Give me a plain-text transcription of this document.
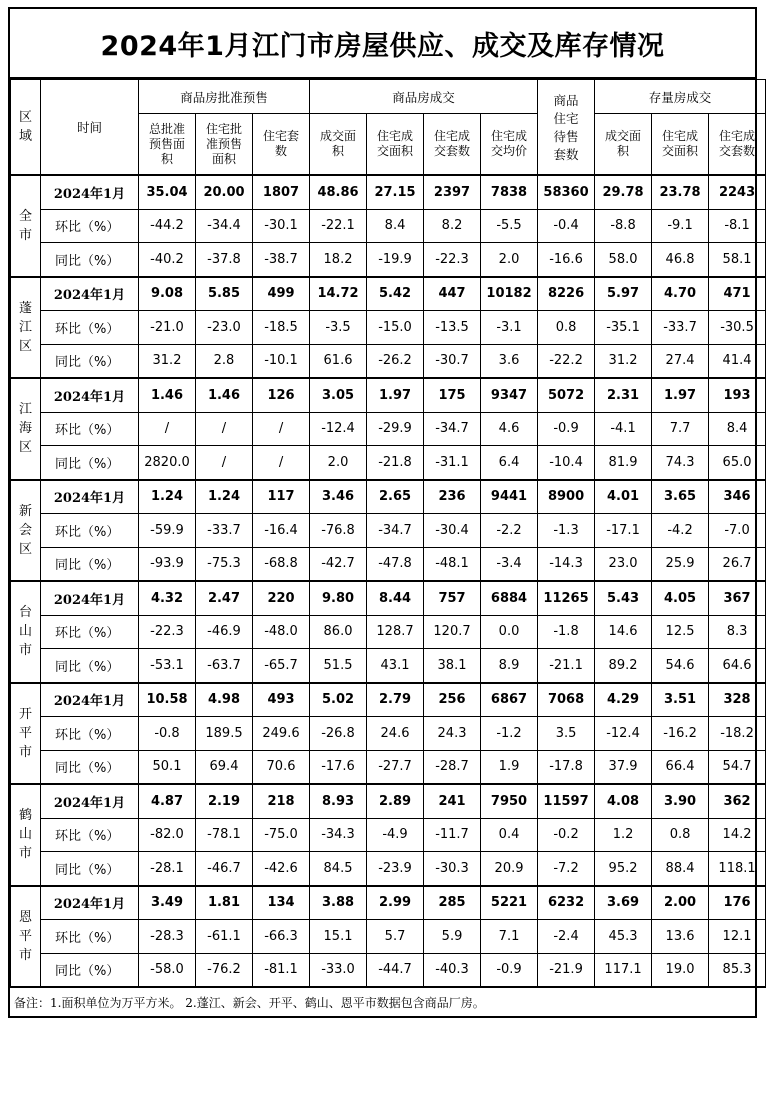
2024年1月江门市房屋供应、成交及库存情况
区
域	时间	商品房批准预售			商品房成交				商品住宅待售套数	存量房成交		
		总批准预售面积	住宅批准预售面积	住宅套数	成交面积	住宅成交面积	住宅成交套数	住宅成交均价		成交面积	住宅成交面积	住宅成交套数

全
市	2024年1月	35.04	20.00	1807	48.86	27.15	2397	7838	58360	29.78	23.78	2243
	环比（%）	-44.2	-34.4	-30.1	-22.1	8.4	8.2	-5.5	-0.4	-8.8	-9.1	-8.1
	同比（%）	-40.2	-37.8	-38.7	18.2	-19.9	-22.3	2.0	-16.6	58.0	46.8	58.1

蓬
江
区	2024年1月	9.08	5.85	499	14.72	5.42	447	10182	8226	5.97	4.70	471
	环比（%）	-21.0	-23.0	-18.5	-3.5	-15.0	-13.5	-3.1	0.8	-35.1	-33.7	-30.5
	同比（%）	31.2	2.8	-10.1	61.6	-26.2	-30.7	3.6	-22.2	31.2	27.4	41.4

江
海
区	2024年1月	1.46	1.46	126	3.05	1.97	175	9347	5072	2.31	1.97	193
	环比（%）	/	/	/	-12.4	-29.9	-34.7	4.6	-0.9	-4.1	7.7	8.4
	同比（%）	2820.0	/	/	2.0	-21.8	-31.1	6.4	-10.4	81.9	74.3	65.0

新
会
区	2024年1月	1.24	1.24	117	3.46	2.65	236	9441	8900	4.01	3.65	346
	环比（%）	-59.9	-33.7	-16.4	-76.8	-34.7	-30.4	-2.2	-1.3	-17.1	-4.2	-7.0
	同比（%）	-93.9	-75.3	-68.8	-42.7	-47.8	-48.1	-3.4	-14.3	23.0	25.9	26.7

台
山
市	2024年1月	4.32	2.47	220	9.80	8.44	757	6884	11265	5.43	4.05	367
	环比（%）	-22.3	-46.9	-48.0	86.0	128.7	120.7	0.0	-1.8	14.6	12.5	8.3
	同比（%）	-53.1	-63.7	-65.7	51.5	43.1	38.1	8.9	-21.1	89.2	54.6	64.6

开
平
市	2024年1月	10.58	4.98	493	5.02	2.79	256	6867	7068	4.29	3.51	328
	环比（%）	-0.8	189.5	249.6	-26.8	24.6	24.3	-1.2	3.5	-12.4	-16.2	-18.2
	同比（%）	50.1	69.4	70.6	-17.6	-27.7	-28.7	1.9	-17.8	37.9	66.4	54.7

鹤
山
市	2024年1月	4.87	2.19	218	8.93	2.89	241	7950	11597	4.08	3.90	362
	环比（%）	-82.0	-78.1	-75.0	-34.3	-4.9	-11.7	0.4	-0.2	1.2	0.8	14.2
	同比（%）	-28.1	-46.7	-42.6	84.5	-23.9	-30.3	20.9	-7.2	95.2	88.4	118.1

恩
平
市	2024年1月	3.49	1.81	134	3.88	2.99	285	5221	6232	3.69	2.00	176
	环比（%）	-28.3	-61.1	-66.3	15.1	5.7	5.9	7.1	-2.4	45.3	13.6	12.1
	同比（%）	-58.0	-76.2	-81.1	-33.0	-44.7	-40.3	-0.9	-21.9	117.1	19.0	85.3
备注：1.面积单位为万平方米。 2.蓬江、新会、开平、鹤山、恩平市数据包含商品厂房。
